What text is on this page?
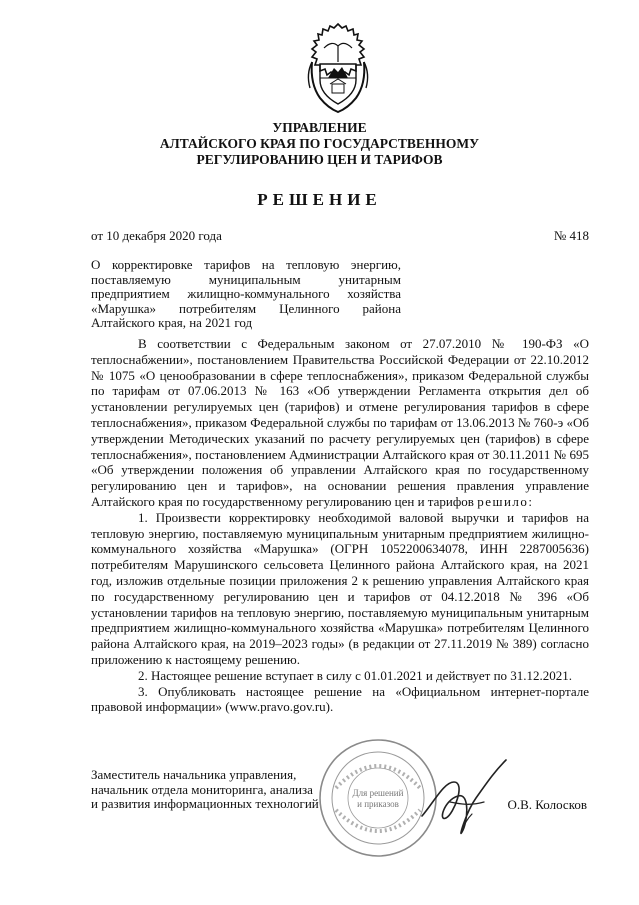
УПРАВЛЕНИЕ
АЛТАЙСКОГО КРАЯ ПО ГОСУДАРСТВЕННОМУ
РЕГУЛИРОВАНИЮ ЦЕН И ТАРИФОВ
РЕШЕНИЕ
от 10 декабря 2020 года	№ 418
О корректировке тарифов на тепловую энергию, поставляемую муниципальным унитарным предприятием жилищно-коммунального хозяйства «Марушка» потребителям Целинного района Алтайского края, на 2021 год

В соответствии с Федеральным законом от 27.07.2010 № 190-ФЗ «О теплоснабжении», постановлением Правительства Российской Федерации от 22.10.2012 № 1075 «О ценообразовании в сфере теплоснабжения», приказом Федеральной службы по тарифам от 07.06.2013 № 163 «Об утверждении Регламента открытия дел об установлении регулируемых цен (тарифов) и отмене регулирования тарифов в сфере теплоснабжения», приказом Федеральной службы по тарифам от 13.06.2013 № 760-э «Об утверждении Методических указаний по расчету регулируемых цен (тарифов) в сфере теплоснабжения», постановлением Администрации Алтайского края от 30.11.2011 № 695 «Об утверждении положения об управлении Алтайского края по государственному регулированию цен и тарифов», на основании решения правления управление Алтайского края по государственному регулированию цен и тарифов решило:

1. Произвести корректировку необходимой валовой выручки и тарифов на тепловую энергию, поставляемую муниципальным унитарным предприятием жилищно-коммунального хозяйства «Марушка» (ОГРН 1052200634078, ИНН 2287005636) потребителям Марушинского сельсовета Целинного района Алтайского края, на 2021 год, изложив отдельные позиции приложения 2 к решению управления Алтайского края по государственному регулированию цен и тарифов от 04.12.2018 № 396 «Об установлении тарифов на тепловую энергию, поставляемую муниципальным унитарным предприятием жилищно-коммунального хозяйства «Марушка» потребителям Целинного района Алтайского края, на 2019–2023 годы» (в редакции от 27.11.2019 № 389) согласно приложению к настоящему решению.

2. Настоящее решение вступает в силу с 01.01.2021 и действует по 31.12.2021.

3. Опубликовать настоящее решение на «Официальном интернет-портале правовой информации» (www.pravo.gov.ru).

Для решений
и приказов
Заместитель начальника управления,
начальник отдела мониторинга, анализа
и развития информационных технологий	О.В. Колосков
